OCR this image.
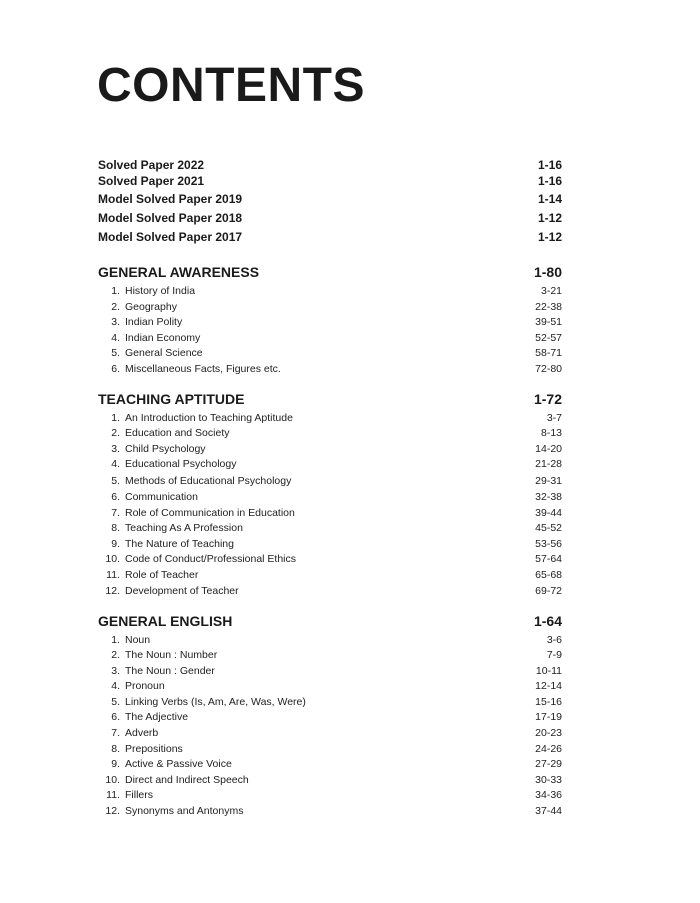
CONTENTS
Solved Paper 2022	1-16
Solved Paper 2021	1-16
Model Solved Paper 2019	1-14
Model Solved Paper 2018	1-12
Model Solved Paper 2017	1-12
GENERAL AWARENESS	1-80
1. History of India	3-21
2. Geography	22-38
3. Indian Polity	39-51
4. Indian Economy	52-57
5. General Science	58-71
6. Miscellaneous Facts, Figures etc.	72-80
TEACHING APTITUDE	1-72
1. An Introduction to Teaching Aptitude	3-7
2. Education and Society	8-13
3. Child Psychology	14-20
4. Educational Psychology	21-28
5. Methods of Educational Psychology	29-31
6. Communication	32-38
7. Role of Communication in Education	39-44
8. Teaching As A Profession	45-52
9. The Nature of Teaching	53-56
10. Code of Conduct/Professional Ethics	57-64
11. Role of Teacher	65-68
12. Development of Teacher	69-72
GENERAL ENGLISH	1-64
1. Noun	3-6
2. The Noun : Number	7-9
3. The Noun : Gender	10-11
4. Pronoun	12-14
5. Linking Verbs (Is, Am, Are, Was, Were)	15-16
6. The Adjective	17-19
7. Adverb	20-23
8. Prepositions	24-26
9. Active & Passive Voice	27-29
10. Direct and Indirect Speech	30-33
11. Fillers	34-36
12. Synonyms and Antonyms	37-44
